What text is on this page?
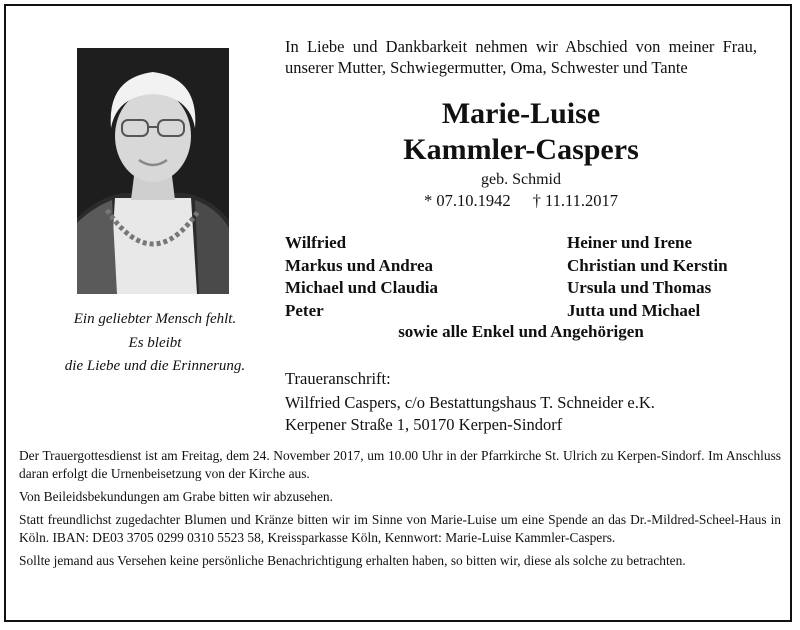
Ein geliebter Mensch fehlt.
Es bleibt
die Liebe und die Erinnerung.
In Liebe und Dankbarkeit nehmen wir Abschied von meiner Frau, unserer Mutter, Schwiegermutter, Oma, Schwester und Tante
Marie-Luise
Kammler-Caspers
geb. Schmid
* 07.10.1942 † 11.11.2017
Wilfried
Markus und Andrea
Michael und Claudia
Peter
Heiner und Irene
Christian und Kerstin
Ursula und Thomas
Jutta und Michael
sowie alle Enkel und Angehörigen
Traueranschrift:
Wilfried Caspers, c/o Bestattungshaus T. Schneider e.K.
Kerpener Straße 1, 50170 Kerpen-Sindorf

Der Trauergottesdienst ist am Freitag, dem 24. November 2017, um 10.00 Uhr in der Pfarrkirche St. Ulrich zu Kerpen-Sindorf. Im Anschluss daran erfolgt die Urnenbeisetzung von der Kirche aus.

Von Beileidsbekundungen am Grabe bitten wir abzusehen.

Statt freundlichst zugedachter Blumen und Kränze bitten wir im Sinne von Marie-Luise um eine Spende an das Dr.-Mildred-Scheel-Haus in Köln. IBAN: DE03 3705 0299 0310 5523 58, Kreissparkasse Köln, Kennwort: Marie-Luise Kammler-Caspers.

Sollte jemand aus Versehen keine persönliche Benachrichtigung erhalten haben, so bitten wir, diese als solche zu betrachten.
